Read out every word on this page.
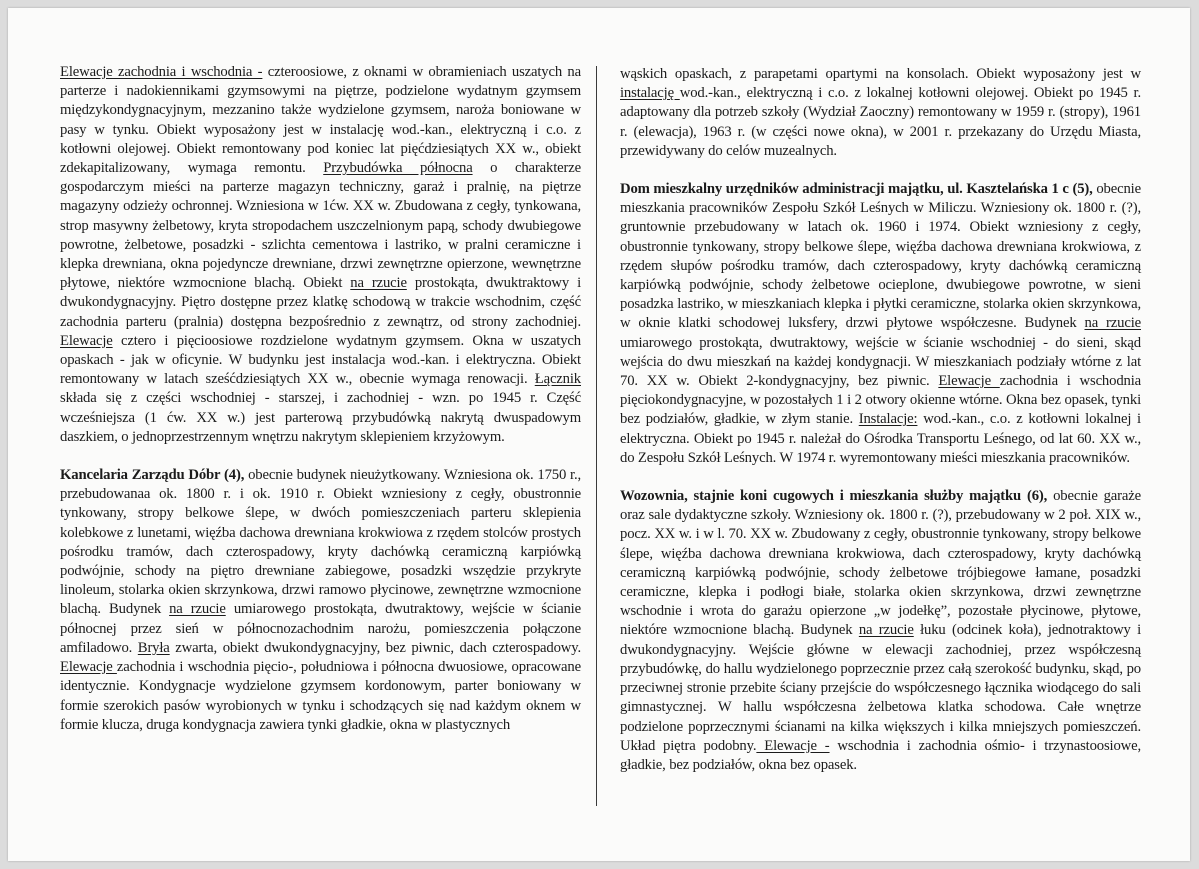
Elewacje zachodnia i wschodnia - czteroosiowe, z oknami w obramieniach uszatych na parterze i nadokiennikami gzymsowymi na piętrze, podzielone wydatnym gzymsem międzykondygnacyjnym, mezzanino także wydzielone gzymsem, naroża boniowane w pasy w tynku. Obiekt wyposażony jest w instalację wod.-kan., elektryczną i c.o. z kotłowni olejowej. Obiekt remontowany pod koniec lat pięćdziesiątych XX w., obiekt zdekapitalizowany, wymaga remontu. Przybudówka północna o charakterze gospodarczym mieści na parterze magazyn techniczny, garaż i pralnię, na piętrze magazyny odzieży ochronnej. Wzniesiona w 1ćw. XX w. Zbudowana z cegły, tynkowana, strop masywny żelbetowy, kryta stropodachem uszczelnionym papą, schody dwubiegowe powrotne, żelbetowe, posadzki - szlichta cementowa i lastriko, w pralni ceramiczne i klepka drewniana, okna pojedyncze drewniane, drzwi zewnętrzne opierzone, wewnętrzne płytowe, niektóre wzmocnione blachą. Obiekt na rzucie prostokąta, dwuktraktowy i dwukondygnacyjny. Piętro dostępne przez klatkę schodową w trakcie wschodnim, część zachodnia parteru (pralnia) dostępna bezpośrednio z zewnątrz, od strony zachodniej. Elewacje cztero i pięcioosiowe rozdzielone wydatnym gzymsem. Okna w uszatych opaskach - jak w oficynie. W budynku jest instalacja wod.-kan. i elektryczna. Obiekt remontowany w latach sześćdziesiątych XX w., obecnie wymaga renowacji. Łącznik składa się z części wschodniej - starszej, i zachodniej - wzn. po 1945 r. Część wcześniejsza (1 ćw. XX w.) jest parterową przybudówką nakrytą dwuspadowym daszkiem, o jednoprzestrzennym wnętrzu nakrytym sklepieniem krzyżowym.

Kancelaria Zarządu Dóbr (4), obecnie budynek nieużytkowany. Wzniesiona ok. 1750 r., przebudowanaa ok. 1800 r. i ok. 1910 r. Obiekt wzniesiony z cegły, obustronnie tynkowany, stropy belkowe ślepe, w dwóch pomieszczeniach parteru sklepienia kolebkowe z lunetami, więźba dachowa drewniana krokwiowa z rzędem stolców prostych pośrodku tramów, dach czterospadowy, kryty dachówką ceramiczną karpiówką podwójnie, schody na piętro drewniane zabiegowe, posadzki wszędzie przykryte linoleum, stolarka okien skrzynkowa, drzwi ramowo płycinowe, zewnętrzne wzmocnione blachą. Budynek na rzucie umiarowego prostokąta, dwutraktowy, wejście w ścianie północnej przez sień w północnozachodnim narożu, pomieszczenia połączone amfiladowo. Bryła zwarta, obiekt dwukondygnacyjny, bez piwnic, dach czterospadowy. Elewacje zachodnia i wschodnia pięcio-, południowa i północna dwuosiowe, opracowane identycznie. Kondygnacje wydzielone gzymsem kordonowym, parter boniowany w formie szerokich pasów wyrobionych w tynku i schodzących się nad każdym oknem w formie klucza, druga kondygnacja zawiera tynki gładkie, okna w plastycznych

wąskich opaskach, z parapetami opartymi na konsolach. Obiekt wyposażony jest w instalację wod.-kan., elektryczną i c.o. z lokalnej kotłowni olejowej. Obiekt po 1945 r. adaptowany dla potrzeb szkoły (Wydział Zaoczny) remontowany w 1959 r. (stropy), 1961 r. (elewacja), 1963 r. (w części nowe okna), w 2001 r. przekazany do Urzędu Miasta, przewidywany do celów muzealnych.

Dom mieszkalny urzędników administracji majątku, ul. Kasztelańska 1 c (5), obecnie mieszkania pracowników Zespołu Szkół Leśnych w Miliczu. Wzniesiony ok. 1800 r. (?), gruntownie przebudowany w latach ok. 1960 i 1974. Obiekt wzniesiony z cegły, obustronnie tynkowany, stropy belkowe ślepe, więźba dachowa drewniana krokwiowa, z rzędem słupów pośrodku tramów, dach czterospadowy, kryty dachówką ceramiczną karpiówką podwójnie, schody żelbetowe ocieplone, dwubiegowe powrotne, w sieni posadzka lastriko, w mieszkaniach klepka i płytki ceramiczne, stolarka okien skrzynkowa, w oknie klatki schodowej luksfery, drzwi płytowe współczesne. Budynek na rzucie umiarowego prostokąta, dwutraktowy, wejście w ścianie wschodniej - do sieni, skąd wejścia do dwu mieszkań na każdej kondygnacji. W mieszkaniach podziały wtórne z lat 70. XX w. Obiekt 2-kondygnacyjny, bez piwnic. Elewacje zachodnia i wschodnia pięciokondygnacyjne, w pozostałych 1 i 2 otwory okienne wtórne. Okna bez opasek, tynki bez podziałów, gładkie, w złym stanie. Instalacje: wod.-kan., c.o. z kotłowni lokalnej i elektryczna. Obiekt po 1945 r. należał do Ośrodka Transportu Leśnego, od lat 60. XX w., do Zespołu Szkół Leśnych. W 1974 r. wyremontowany mieści mieszkania pracowników.

Wozownia, stajnie koni cugowych i mieszkania służby majątku (6), obecnie garaże oraz sale dydaktyczne szkoły. Wzniesiony ok. 1800 r. (?), przebudowany w 2 poł. XIX w., pocz. XX w. i w l. 70. XX w. Zbudowany z cegły, obustronnie tynkowany, stropy belkowe ślepe, więźba dachowa drewniana krokwiowa, dach czterospadowy, kryty dachówką ceramiczną karpiówką podwójnie, schody żelbetowe trójbiegowe łamane, posadzki ceramiczne, klepka i podłogi białe, stolarka okien skrzynkowa, drzwi zewnętrzne wschodnie i wrota do garażu opierzone „w jodełkę”, pozostałe płycinowe, płytowe, niektóre wzmocnione blachą. Budynek na rzucie łuku (odcinek koła), jednotraktowy i dwukondygnacyjny. Wejście główne w elewacji zachodniej, przez współczesną przybudówkę, do hallu wydzielonego poprzecznie przez całą szerokość budynku, skąd, po przeciwnej stronie przebite ściany przejście do współczesnego łącznika wiodącego do sali gimnastycznej. W hallu współczesna żelbetowa klatka schodowa. Całe wnętrze podzielone poprzecznymi ścianami na kilka większych i kilka mniejszych pomieszczeń. Układ piętra podobny. Elewacje - wschodnia i zachodnia ośmio- i trzynastoosiowe, gładkie, bez podziałów, okna bez opasek.
